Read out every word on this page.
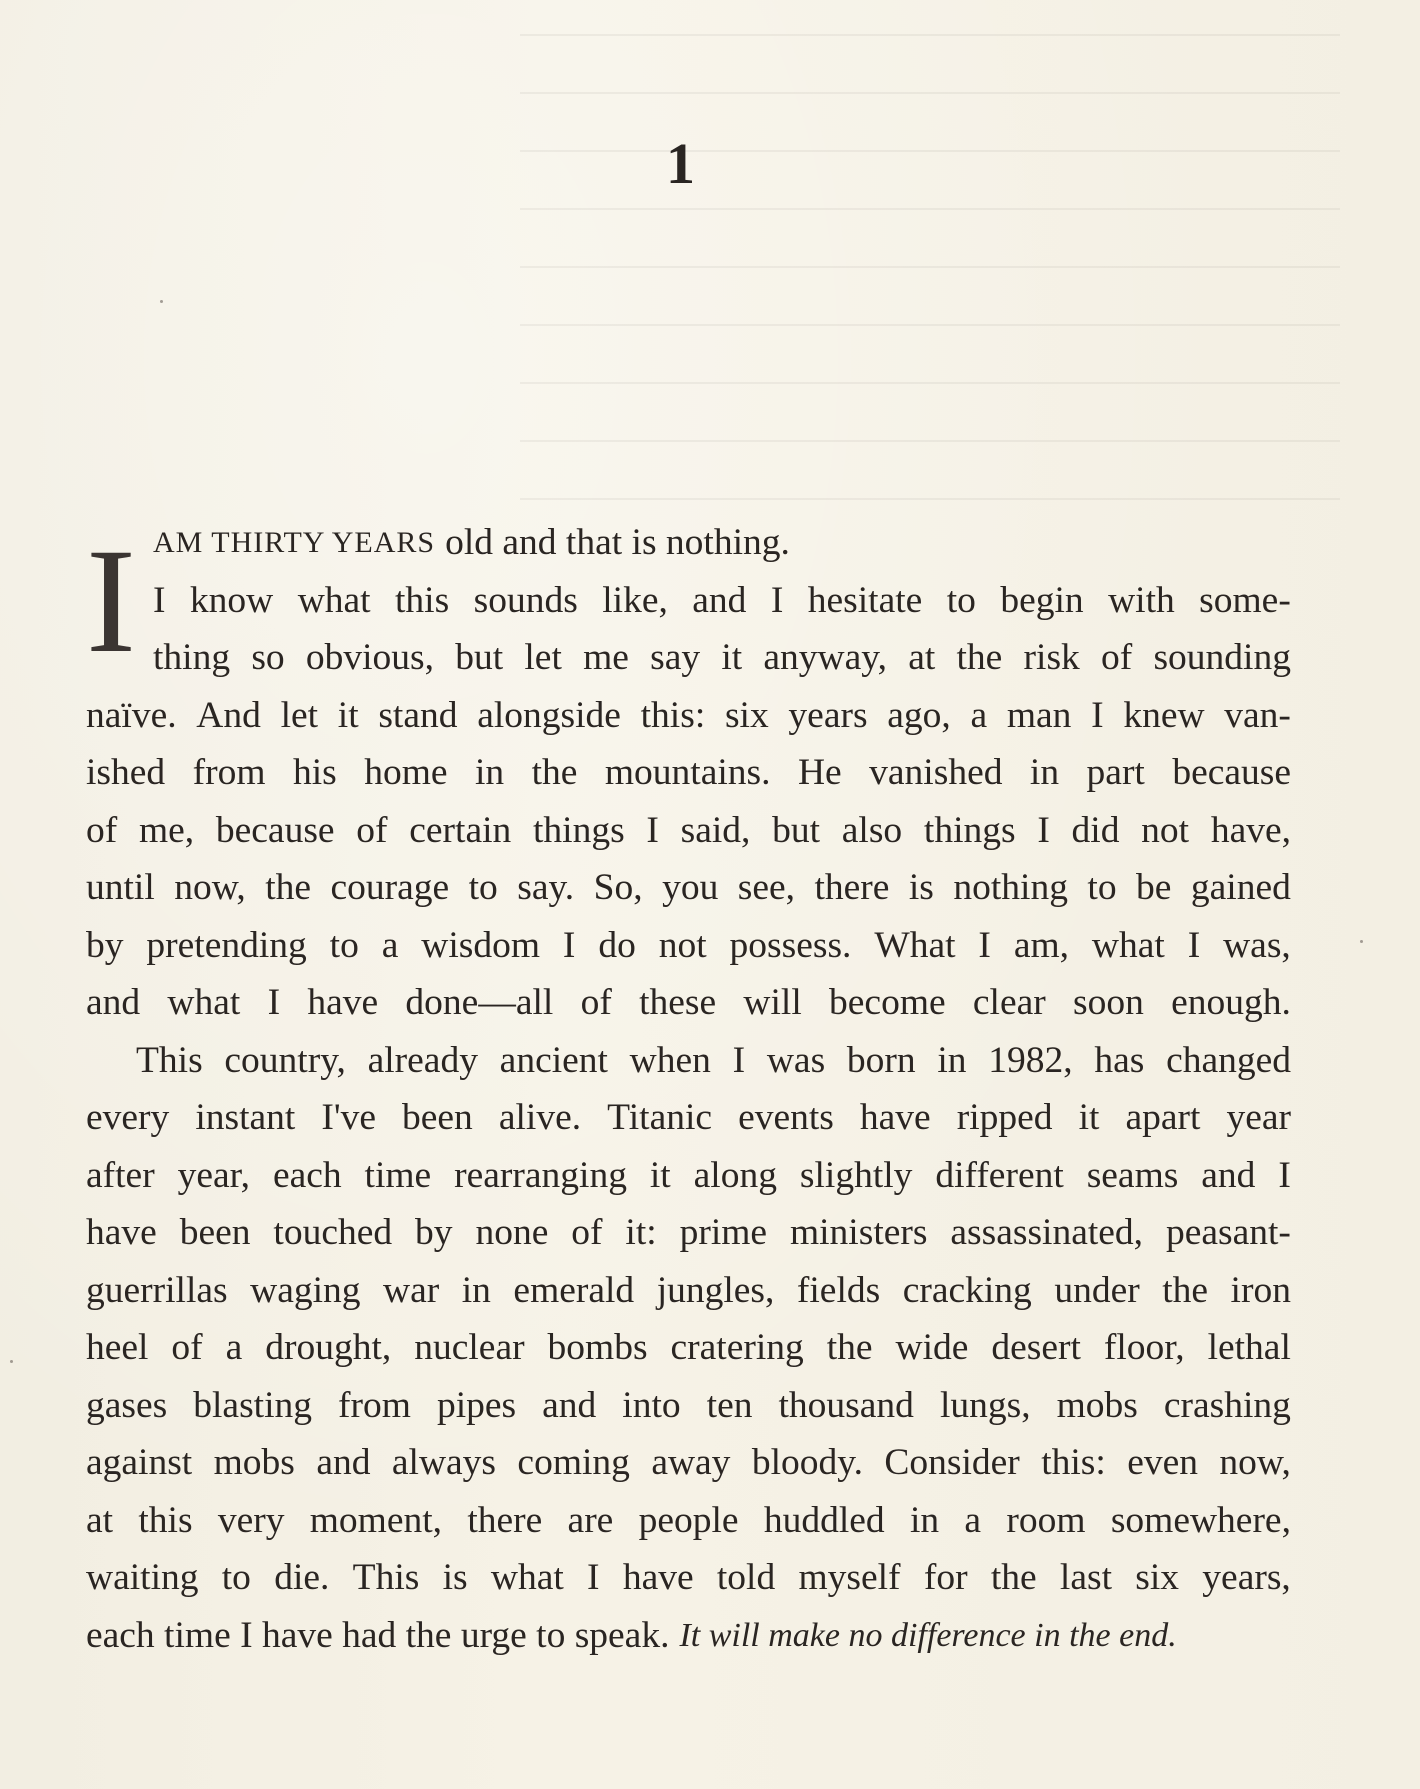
1
I AM THIRTY YEARS old and that is nothing.
I know what this sounds like, and I hesitate to begin with some-
thing so obvious, but let me say it anyway, at the risk of sounding
naïve. And let it stand alongside this: six years ago, a man I knew van-
ished from his home in the mountains. He vanished in part because
of me, because of certain things I said, but also things I did not have,
until now, the courage to say. So, you see, there is nothing to be gained
by pretending to a wisdom I do not possess. What I am, what I was,
and what I have done—all of these will become clear soon enough.
This country, already ancient when I was born in 1982, has changed
every instant I've been alive. Titanic events have ripped it apart year
after year, each time rearranging it along slightly different seams and I
have been touched by none of it: prime ministers assassinated, peasant-
guerrillas waging war in emerald jungles, fields cracking under the iron
heel of a drought, nuclear bombs cratering the wide desert floor, lethal
gases blasting from pipes and into ten thousand lungs, mobs crashing
against mobs and always coming away bloody. Consider this: even now,
at this very moment, there are people huddled in a room somewhere,
waiting to die. This is what I have told myself for the last six years,
each time I have had the urge to speak. It will make no difference in the end.
